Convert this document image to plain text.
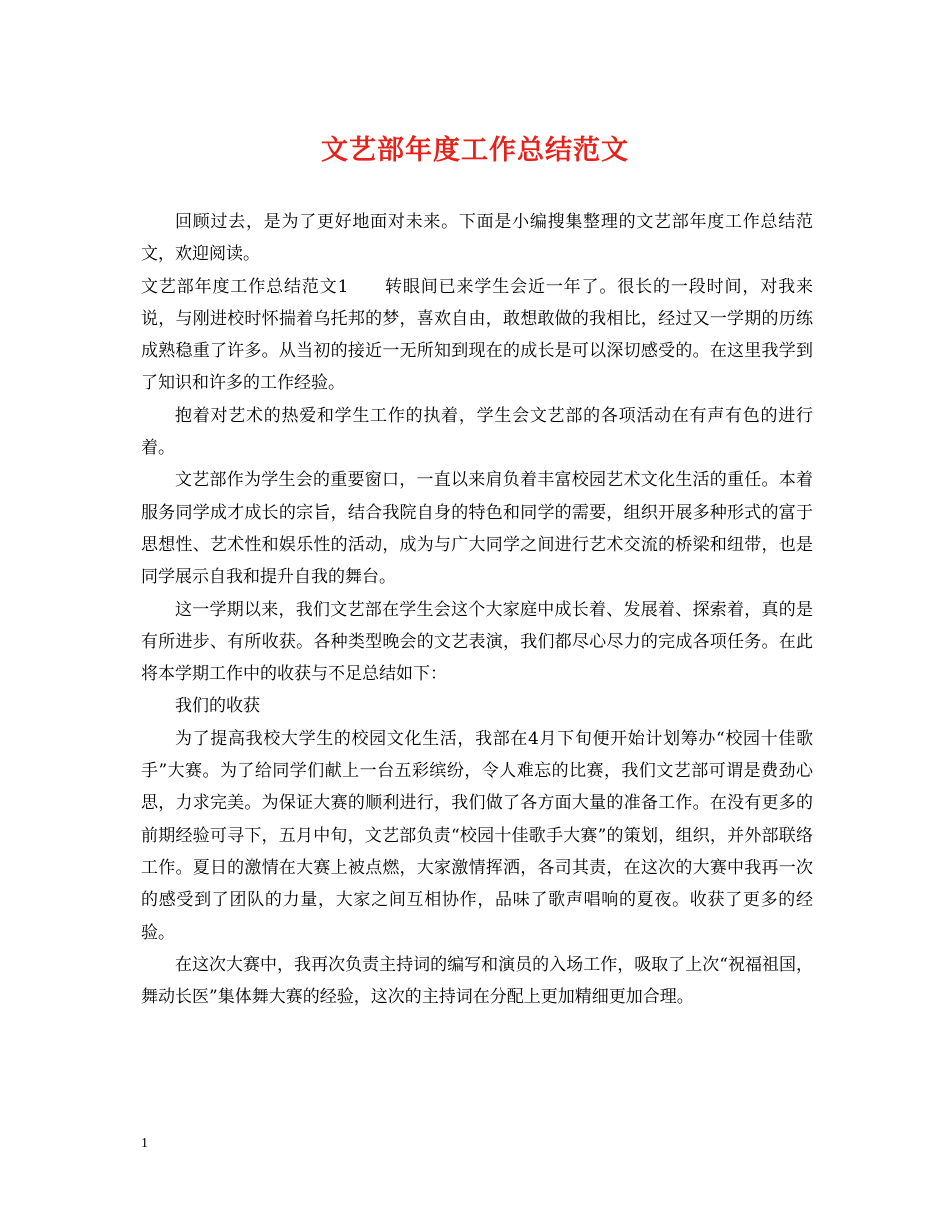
文艺部年度工作总结范文

回顾过去，是为了更好地面对未来。下面是小编搜集整理的文艺部年度工作总结范文，欢迎阅读。

文艺部年度工作总结范文1　　转眼间已来学生会近一年了。很长的一段时间，对我来说，与刚进校时怀揣着乌托邦的梦，喜欢自由，敢想敢做的我相比，经过又一学期的历练成熟稳重了许多。从当初的接近一无所知到现在的成长是可以深切感受的。在这里我学到了知识和许多的工作经验。

抱着对艺术的热爱和学生工作的执着，学生会文艺部的各项活动在有声有色的进行着。

文艺部作为学生会的重要窗口，一直以来肩负着丰富校园艺术文化生活的重任。本着服务同学成才成长的宗旨，结合我院自身的特色和同学的需要，组织开展多种形式的富于思想性、艺术性和娱乐性的活动，成为与广大同学之间进行艺术交流的桥梁和纽带，也是同学展示自我和提升自我的舞台。

这一学期以来，我们文艺部在学生会这个大家庭中成长着、发展着、探索着，真的是有所进步、有所收获。各种类型晚会的文艺表演，我们都尽心尽力的完成各项任务。在此将本学期工作中的收获与不足总结如下：

我们的收获

为了提高我校大学生的校园文化生活，我部在4月下旬便开始计划筹办“校园十佳歌手”大赛。为了给同学们献上一台五彩缤纷，令人难忘的比赛，我们文艺部可谓是费劲心思，力求完美。为保证大赛的顺利进行，我们做了各方面大量的准备工作。在没有更多的前期经验可寻下，五月中旬，文艺部负责“校园十佳歌手大赛”的策划，组织，并外部联络工作。夏日的激情在大赛上被点燃，大家激情挥洒，各司其责，在这次的大赛中我再一次的感受到了团队的力量，大家之间互相协作，品味了歌声唱响的夏夜。收获了更多的经验。

在这次大赛中，我再次负责主持词的编写和演员的入场工作，吸取了上次“祝福祖国，舞动长医”集体舞大赛的经验，这次的主持词在分配上更加精细更加合理。

1
